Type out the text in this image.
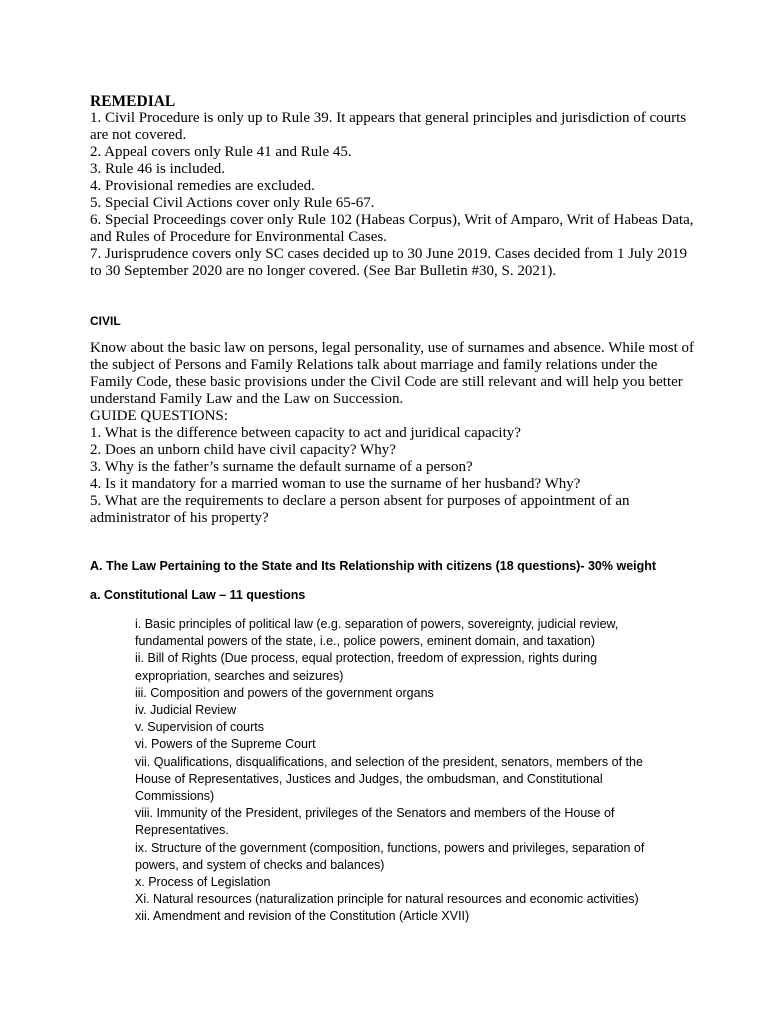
REMEDIAL
1. Civil Procedure is only up to Rule 39. It appears that general principles and jurisdiction of courts
are not covered.
2. Appeal covers only Rule 41 and Rule 45.
3. Rule 46 is included.
4. Provisional remedies are excluded.
5. Special Civil Actions cover only Rule 65-67.
6. Special Proceedings cover only Rule 102 (Habeas Corpus), Writ of Amparo, Writ of Habeas Data,
and Rules of Procedure for Environmental Cases.
7. Jurisprudence covers only SC cases decided up to 30 June 2019. Cases decided from 1 July 2019
to 30 September 2020 are no longer covered. (See Bar Bulletin #30, S. 2021).
CIVIL
Know about the basic law on persons, legal personality, use of surnames and absence. While most of
the subject of Persons and Family Relations talk about marriage and family relations under the
Family Code, these basic provisions under the Civil Code are still relevant and will help you better
understand Family Law and the Law on Succession.
GUIDE QUESTIONS:
1. What is the difference between capacity to act and juridical capacity?
2. Does an unborn child have civil capacity? Why?
3. Why is the father’s surname the default surname of a person?
4. Is it mandatory for a married woman to use the surname of her husband? Why?
5. What are the requirements to declare a person absent for purposes of appointment of an
administrator of his property?
A. The Law Pertaining to the State and Its Relationship with citizens (18 questions)- 30% weight
a. Constitutional Law – 11 questions
i. Basic principles of political law (e.g. separation of powers, sovereignty, judicial review,
fundamental powers of the state, i.e., police powers, eminent domain, and taxation)
ii. Bill of Rights (Due process, equal protection, freedom of expression, rights during
expropriation, searches and seizures)
iii. Composition and powers of the government organs
iv. Judicial Review
v. Supervision of courts
vi. Powers of the Supreme Court
vii. Qualifications, disqualifications, and selection of the president, senators, members of the
House of Representatives, Justices and Judges, the ombudsman, and Constitutional
Commissions)
viii. Immunity of the President, privileges of the Senators and members of the House of
Representatives.
ix. Structure of the government (composition, functions, powers and privileges, separation of
powers, and system of checks and balances)
x. Process of Legislation
Xi. Natural resources (naturalization principle for natural resources and economic activities)
xii. Amendment and revision of the Constitution (Article XVII)
